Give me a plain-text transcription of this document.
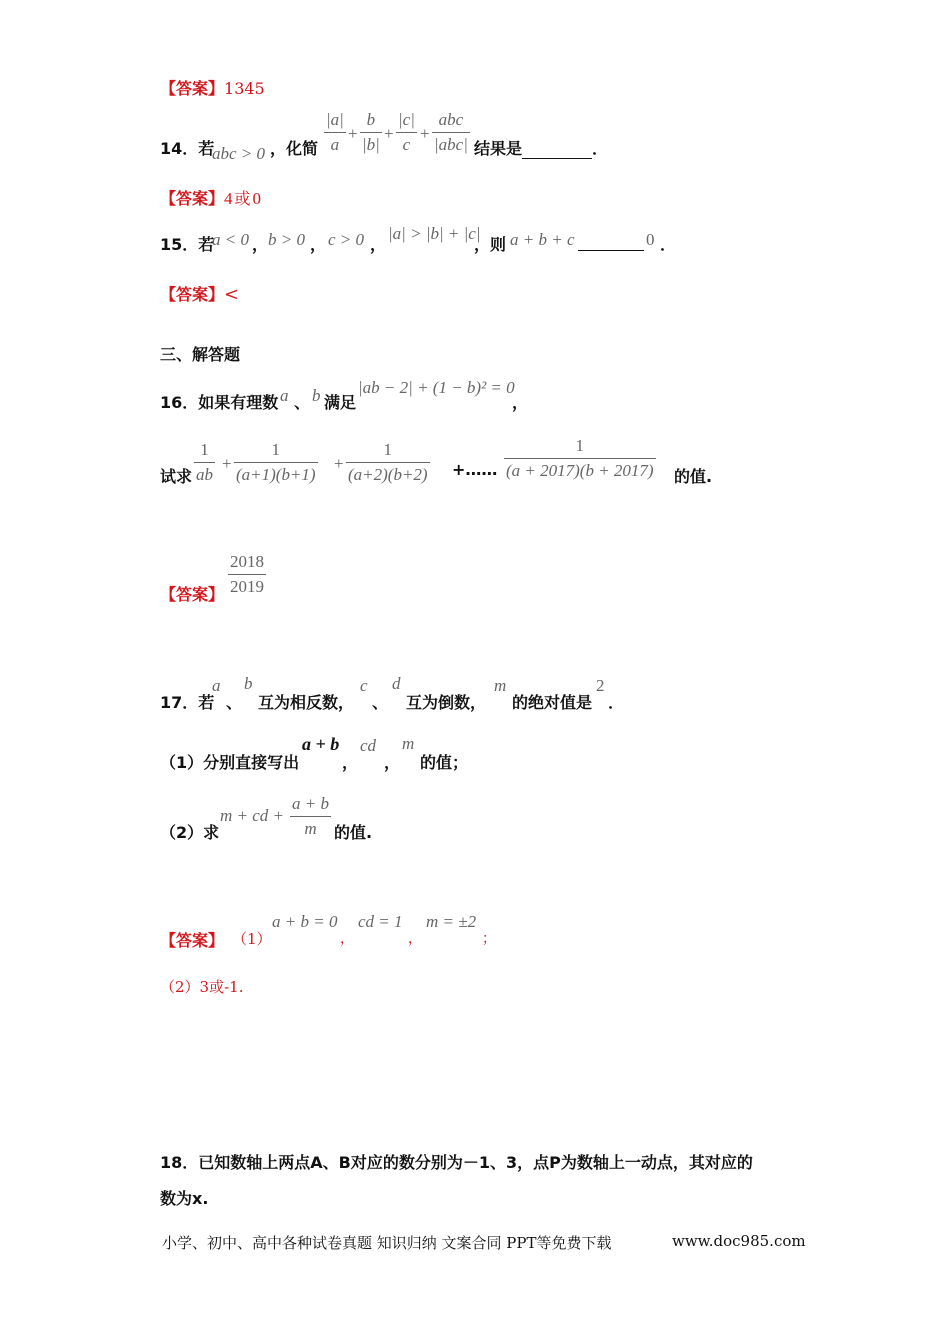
【答案】1345
14．若
abc > 0 ，化简
|a|
a
+
b
|b|
+
|c|
c
+
abc
|abc| 结果是	．
【答案】4 或 0
15．若
a < 0 ， b > 0 ， c > 0 ，
|a| > |b| + |c|
，则 a + b + c	0 ．
【答案】<
三、解答题
16．如果有理数 a 、 b 满足
|ab − 2| + (1 − b)² = 0
，
试求
1
ab
+
1
(a+1)(b+1)
+
1
(a+2)(b+2) +……
1
(a + 2017)(b + 2017) 的值.
【答案】
2018
2019
17．若
a
、
b
互为相反数，
c
、
d
互为倒数，
m
的绝对值是
2
．
（1）分别直接写出
a + b
，
cd
，
m
的值；
（2）求
m + cd +
a + b
m	的值.
【答案】 （1）
a + b = 0
，
cd = 1
，
m = ±2
；
（2）3或-1.
18．已知数轴上两点A、B对应的数分别为－1、3，点P为数轴上一动点，其对应的
数为x.
小学、初中、高中各种试卷真题 知识归纳 文案合同 PPT等免费下载	www.doc985.com
